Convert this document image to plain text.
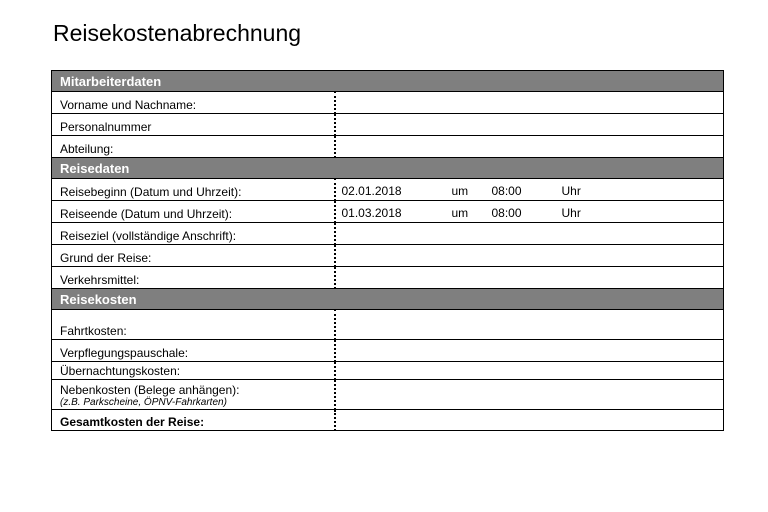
Reisekostenabrechnung
Mitarbeiterdaten	
Vorname und Nachname:	

Personalnummer	

Abteilung:	

Reisedaten	
Reisebeginn (Datum und Uhrzeit):	02.01.2018 um 08:00 Uhr

Reiseende (Datum und Uhrzeit):	01.03.2018 um 08:00 Uhr

Reiseziel (vollständige Anschrift):	

Grund der Reise:	

Verkehrsmittel:	

Reisekosten	
Fahrtkosten:	

Verpflegungspauschale:	

Übernachtungskosten:	

Nebenkosten (Belege anhängen):
(z.B. Parkscheine, ÖPNV-Fahrkarten)	

Gesamtkosten der Reise:	
